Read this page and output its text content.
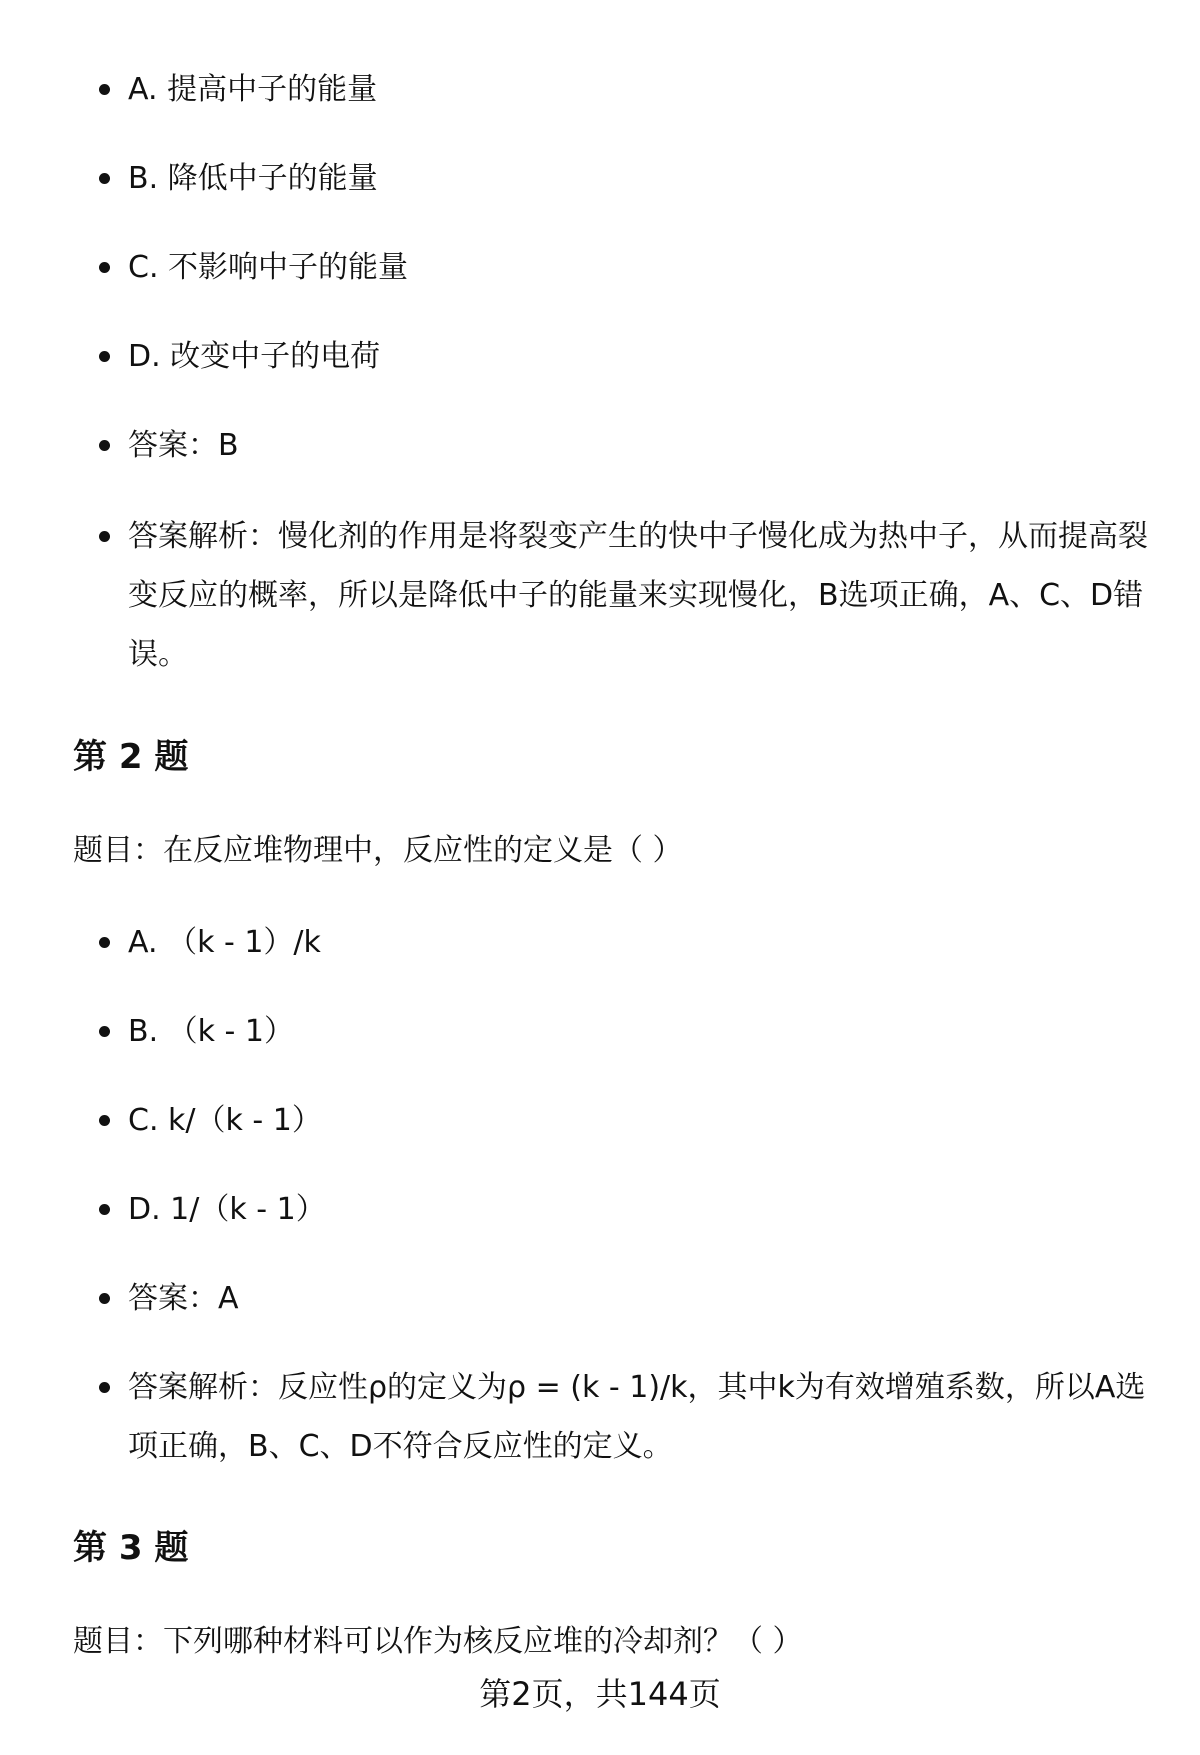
A. 提高中子的能量
B. 降低中子的能量
C. 不影响中子的能量
D. 改变中子的电荷
答案：B
答案解析：慢化剂的作用是将裂变产生的快中子慢化成为热中子，从而提高裂变反应的概率，所以是降低中子的能量来实现慢化，B选项正确，A、C、D错误。
第 2 题
题目：在反应堆物理中，反应性的定义是（ ）
A. （k - 1）/k
B. （k - 1）
C. k/（k - 1）
D. 1/（k - 1）
答案：A
答案解析：反应性ρ的定义为ρ = (k - 1)/k，其中k为有效增殖系数，所以A选项正确，B、C、D不符合反应性的定义。
第 3 题
题目：下列哪种材料可以作为核反应堆的冷却剂？（ ）
第2页，共144页
